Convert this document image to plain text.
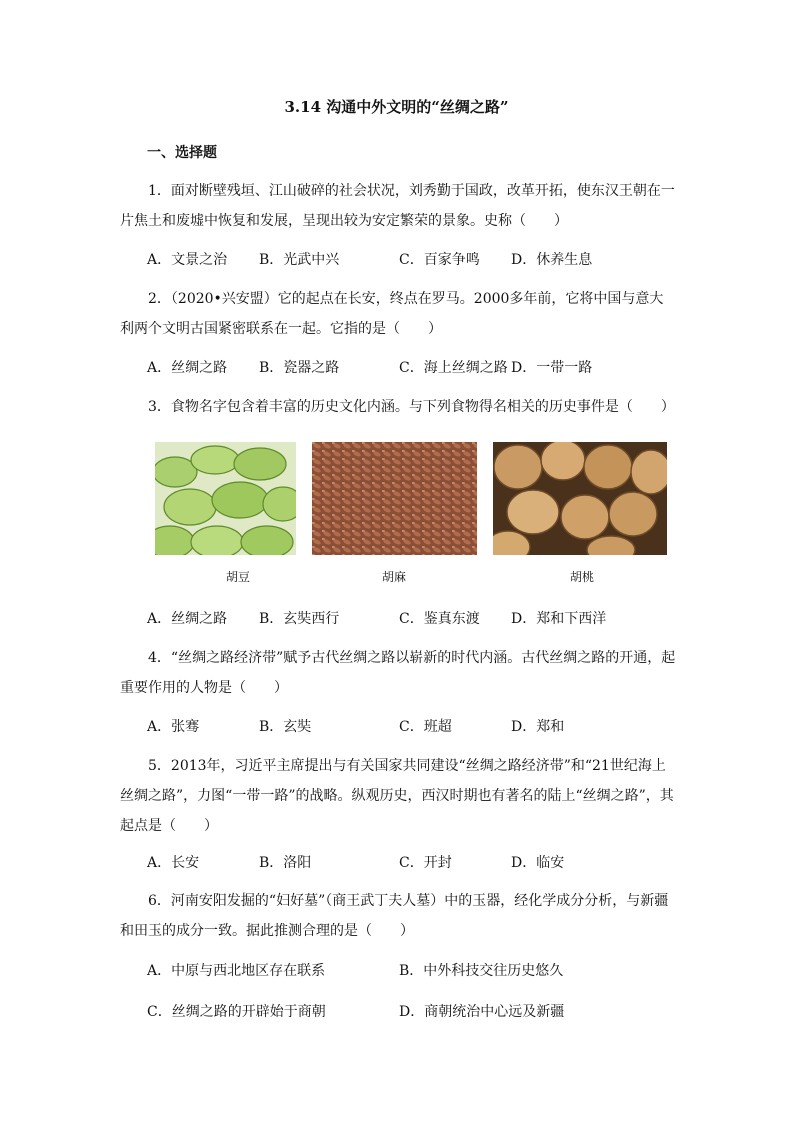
3.14 沟通中外文明的“丝绸之路”
一、选择题

1．面对断壁残垣、江山破碎的社会状况，刘秀勤于国政，改革开拓，使东汉王朝在一片焦土和废墟中恢复和发展，呈现出较为安定繁荣的景象。史称（　　）

A．文景之治 B．光武中兴	C．百家争鸣 D．休养生息

2．（2020•兴安盟）它的起点在长安，终点在罗马。2000多年前，它将中国与意大利两个文明古国紧密联系在一起。它指的是（　　）

A．丝绸之路 B．瓷器之路	C．海上丝绸之路 D．一带一路

3．食物名字包含着丰富的历史文化内涵。与下列食物得名相关的历史事件是（　　）

胡豆	胡麻	胡桃
A．丝绸之路 B．玄奘西行	C．鉴真东渡 D．郑和下西洋

4．“丝绸之路经济带”赋予古代丝绸之路以崭新的时代内涵。古代丝绸之路的开通，起重要作用的人物是（　　）

A．张骞	B．玄奘	C．班超	D．郑和

5．2013年，习近平主席提出与有关国家共同建设“丝绸之路经济带”和“21世纪海上丝绸之路”，力图“一带一路”的战略。纵观历史，西汉时期也有著名的陆上“丝绸之路”，其起点是（　　）

A．长安	B．洛阳	C．开封	D．临安

6．河南安阳发掘的“妇好墓”（商王武丁夫人墓）中的玉器，经化学成分分析，与新疆和田玉的成分一致。据此推测合理的是（　　）

A．中原与西北地区存在联系	B．中外科技交往历史悠久
C．丝绸之路的开辟始于商朝	D．商朝统治中心远及新疆
